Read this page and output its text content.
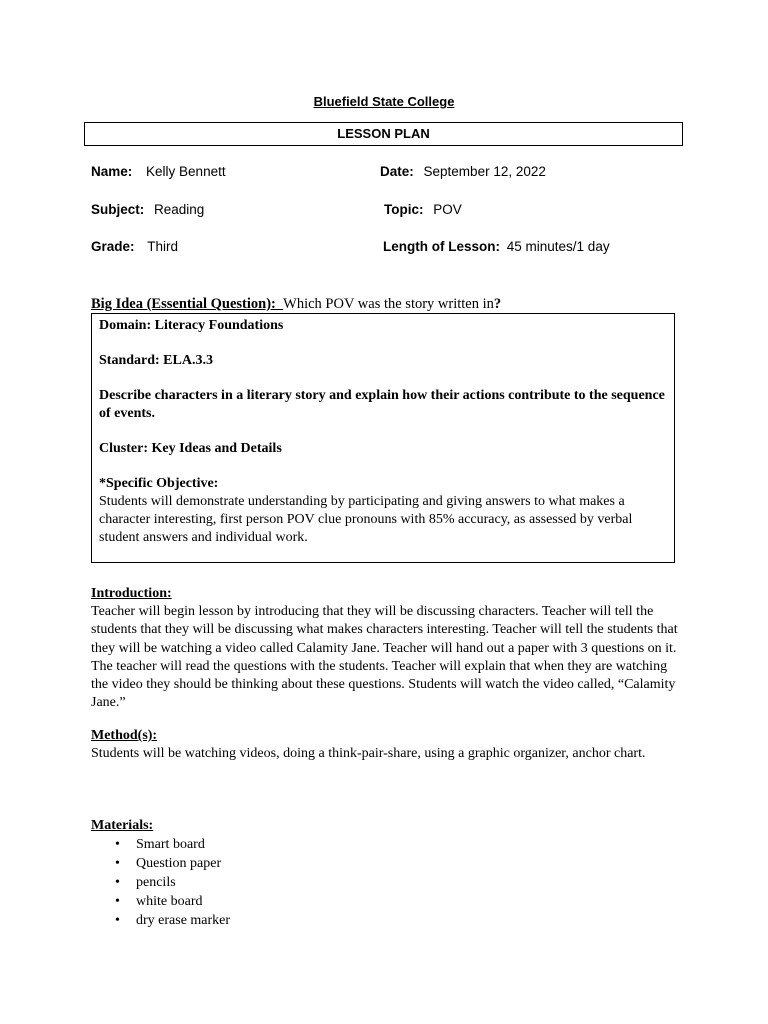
Bluefield State College
LESSON PLAN
Name: Kelly Bennett	Date: September 12, 2022
Subject: Reading	Topic: POV
Grade: Third	Length of Lesson: 45 minutes/1 day
Big Idea (Essential Question): Which POV was the story written in?

Domain: Literacy Foundations

Standard: ELA.3.3

Describe characters in a literary story and explain how their actions contribute to the sequence of events.

Cluster: Key Ideas and Details

*Specific Objective:

Students will demonstrate understanding by participating and giving answers to what makes a character interesting, first person POV clue pronouns with 85% accuracy, as assessed by verbal student answers and individual work.

Introduction:
Teacher will begin lesson by introducing that they will be discussing characters. Teacher will tell the students that they will be discussing what makes characters interesting. Teacher will tell the students that they will be watching a video called Calamity Jane. Teacher will hand out a paper with 3 questions on it. The teacher will read the questions with the students. Teacher will explain that when they are watching the video they should be thinking about these questions. Students will watch the video called, “Calamity Jane.”
Method(s):
Students will be watching videos, doing a think-pair-share, using a graphic organizer, anchor chart.
Materials:
• Smart board
• Question paper
• pencils
• white board
• dry erase marker
